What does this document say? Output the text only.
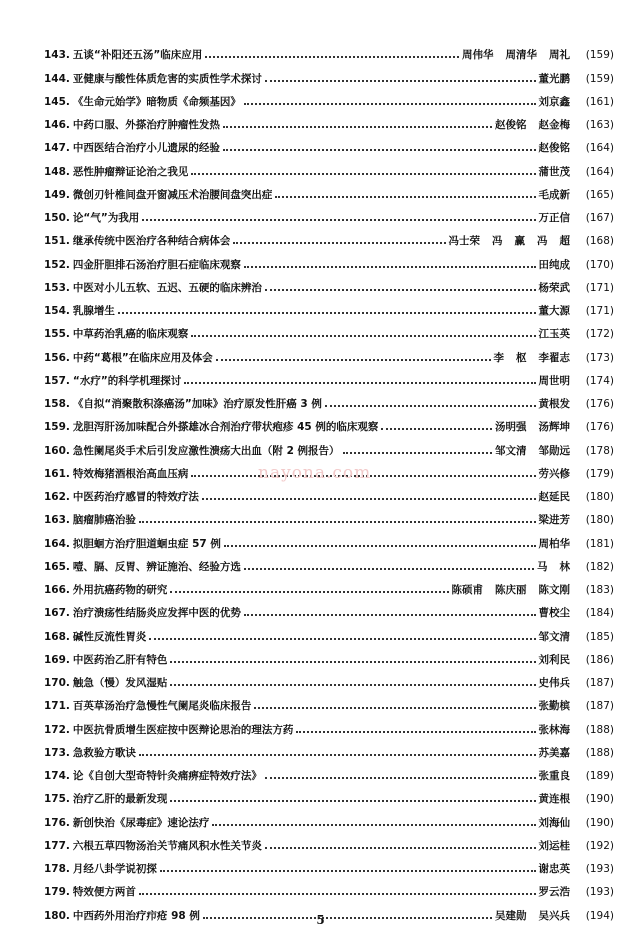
143. 五谈“补阳还五汤”临床应用	周伟华 周清华 周礼	(159)
144. 亚健康与酸性体质危害的实质性学术探讨	董光鹏	(159)
145. 《生命元始学》暗物质《命频基因》	刘京鑫	(161)
146. 中药口服、外搽治疗肿瘤性发热	赵俊铭 赵金梅	(163)
147. 中西医结合治疗小儿遗尿的经验	赵俊铭	(164)
148. 恶性肿瘤辩证论治之我见	蒲世茂	(164)
149. 微创刃针椎间盘开窗减压术治腰间盘突出症	毛成新	(165)
150. 论“气”为我用	万正信	(167)
151. 继承传统中医治疗各种结合病体会	冯士荣 冯 赢 冯 超	(168)
152. 四金肝胆排石汤治疗胆石症临床观察	田纯成	(170)
153. 中医对小儿五软、五迟、五硬的临床辨治	杨荣武	(171)
154. 乳腺增生	董大源	(171)
155. 中草药治乳癌的临床观察	江玉英	(172)
156. 中药“葛根”在临床应用及体会	李 枢 李翟志	(173)
157. “水疗”的科学机理探讨	周世明	(174)
158. 《自拟“消聚散积涤癌汤”加味》治疗原发性肝癌 3 例	黄根发	(176)
159. 龙胆泻肝汤加味配合外搽雄冰合剂治疗带状疱疹 45 例的临床观察	汤明强 汤辉坤	(176)
160. 急性阑尾炎手术后引发应激性溃疡大出血（附 2 例报告）	邹文清 邹勋远	(178)
161. 特效梅猪酒根治高血压病	劳兴修	(179)
162. 中医药治疗感冒的特效疗法	赵延民	(180)
163. 脑瘤肺癌治验	梁进芳	(180)
164. 拟胆蛔方治疗胆道蛔虫症 57 例	周柏华	(181)
165. 噎、膈、反胃、辨证施治、经验方选	马 林	(182)
166. 外用抗癌药物的研究	陈硕甫 陈庆丽 陈文刚	(183)
167. 治疗溃疡性结肠炎应发挥中医的优势	曹校尘	(184)
168. 碱性反流性胃炎	邹文清	(185)
169. 中医药治乙肝有特色	刘利民	(186)
170. 触急（慢）发风湿贴	史伟兵	(187)
171. 百英草汤治疗急慢性气阑尾炎临床报告	张勤槟	(187)
172. 中医抗骨质增生医症按中医辩论思治的理法方药	张林海	(188)
173. 急救验方歌诀	苏美嘉	(188)
174. 论《自创大型奇特针灸痛痹症特效疗法》	张重良	(189)
175. 治疗乙肝的最新发现	黄连根	(190)
176. 新创快治《尿毒症》速论法疗	刘海仙	(190)
177. 六根五草四物汤治关节痛风积水性关节炎	刘运桂	(192)
178. 月经八卦学说初探	谢忠英	(193)
179. 特效便方两首	罗云浩	(193)
180. 中西药外用治疗疖疮 98 例	吴建勋 吴兴兵	(194)
nayona.com
5
